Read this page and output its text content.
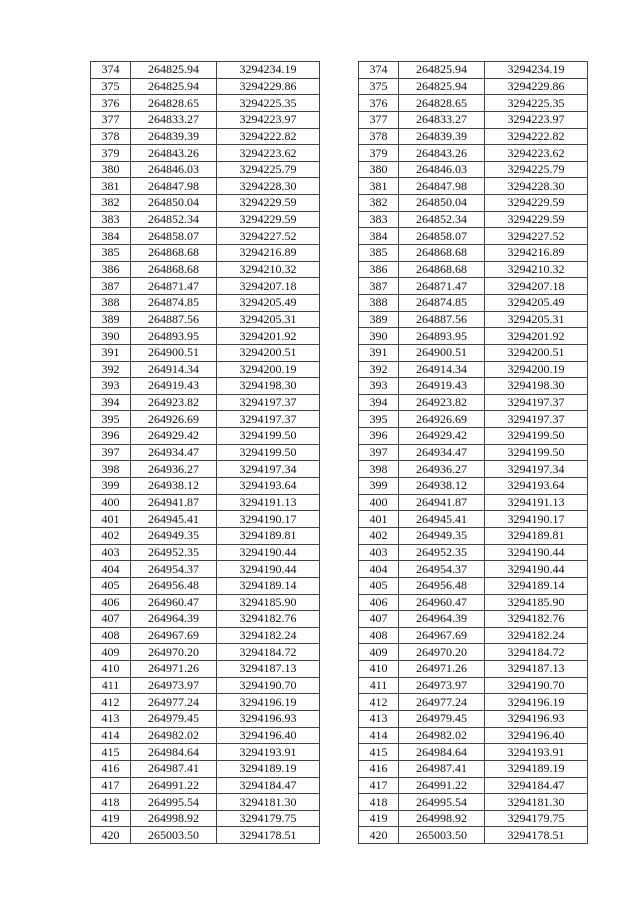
374	264825.94	3294234.19
375	264825.94	3294229.86
376	264828.65	3294225.35
377	264833.27	3294223.97
378	264839.39	3294222.82
379	264843.26	3294223.62
380	264846.03	3294225.79
381	264847.98	3294228.30
382	264850.04	3294229.59
383	264852.34	3294229.59
384	264858.07	3294227.52
385	264868.68	3294216.89
386	264868.68	3294210.32
387	264871.47	3294207.18
388	264874.85	3294205.49
389	264887.56	3294205.31
390	264893.95	3294201.92
391	264900.51	3294200.51
392	264914.34	3294200.19
393	264919.43	3294198.30
394	264923.82	3294197.37
395	264926.69	3294197.37
396	264929.42	3294199.50
397	264934.47	3294199.50
398	264936.27	3294197.34
399	264938.12	3294193.64
400	264941.87	3294191.13
401	264945.41	3294190.17
402	264949.35	3294189.81
403	264952.35	3294190.44
404	264954.37	3294190.44
405	264956.48	3294189.14
406	264960.47	3294185.90
407	264964.39	3294182.76
408	264967.69	3294182.24
409	264970.20	3294184.72
410	264971.26	3294187.13
411	264973.97	3294190.70
412	264977.24	3294196.19
413	264979.45	3294196.93
414	264982.02	3294196.40
415	264984.64	3294193.91
416	264987.41	3294189.19
417	264991.22	3294184.47
418	264995.54	3294181.30
419	264998.92	3294179.75
420	265003.50	3294178.51
374	264825.94	3294234.19
375	264825.94	3294229.86
376	264828.65	3294225.35
377	264833.27	3294223.97
378	264839.39	3294222.82
379	264843.26	3294223.62
380	264846.03	3294225.79
381	264847.98	3294228.30
382	264850.04	3294229.59
383	264852.34	3294229.59
384	264858.07	3294227.52
385	264868.68	3294216.89
386	264868.68	3294210.32
387	264871.47	3294207.18
388	264874.85	3294205.49
389	264887.56	3294205.31
390	264893.95	3294201.92
391	264900.51	3294200.51
392	264914.34	3294200.19
393	264919.43	3294198.30
394	264923.82	3294197.37
395	264926.69	3294197.37
396	264929.42	3294199.50
397	264934.47	3294199.50
398	264936.27	3294197.34
399	264938.12	3294193.64
400	264941.87	3294191.13
401	264945.41	3294190.17
402	264949.35	3294189.81
403	264952.35	3294190.44
404	264954.37	3294190.44
405	264956.48	3294189.14
406	264960.47	3294185.90
407	264964.39	3294182.76
408	264967.69	3294182.24
409	264970.20	3294184.72
410	264971.26	3294187.13
411	264973.97	3294190.70
412	264977.24	3294196.19
413	264979.45	3294196.93
414	264982.02	3294196.40
415	264984.64	3294193.91
416	264987.41	3294189.19
417	264991.22	3294184.47
418	264995.54	3294181.30
419	264998.92	3294179.75
420	265003.50	3294178.51
